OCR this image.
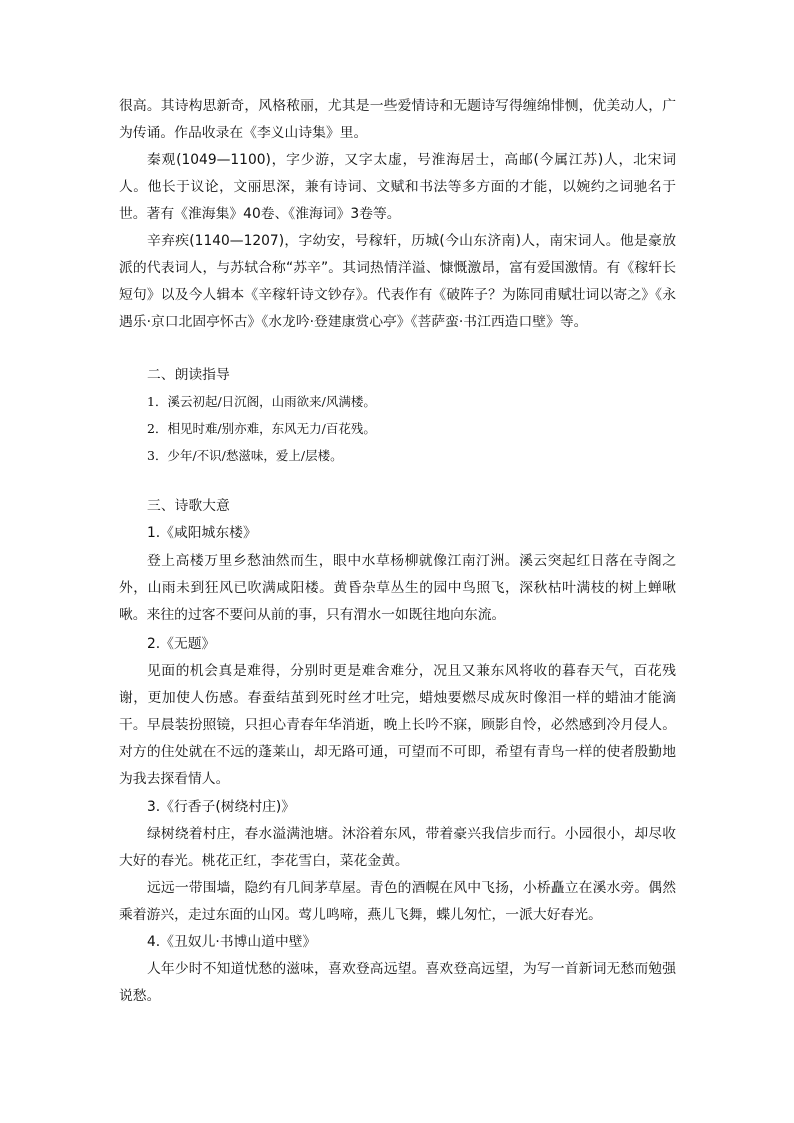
很高。其诗构思新奇，风格秾丽，尤其是一些爱情诗和无题诗写得缠绵悱恻，优美动人，广为传诵。作品收录在《李义山诗集》里。

秦观(1049—1100)，字少游，又字太虚，号淮海居士，高邮(今属江苏)人，北宋词人。他长于议论，文丽思深，兼有诗词、文赋和书法等多方面的才能，以婉约之词驰名于世。著有《淮海集》40卷、《淮海词》3卷等。

辛弃疾(1140—1207)，字幼安，号稼轩，历城(今山东济南)人，南宋词人。他是豪放派的代表词人，与苏轼合称“苏辛”。其词热情洋溢、慷慨激昂，富有爱国激情。有《稼轩长短句》以及今人辑本《辛稼轩诗文钞存》。代表作有《破阵子？为陈同甫赋壮词以寄之》《永遇乐·京口北固亭怀古》《水龙吟·登建康赏心亭》《菩萨蛮·书江西造口壁》等。

二、朗读指导

1．溪云初起/日沉阁，山雨欲来/风满楼。

2．相见时难/别亦难，东风无力/百花残。

3．少年/不识/愁滋味，爱上/层楼。

三、诗歌大意

1.《咸阳城东楼》

登上高楼万里乡愁油然而生，眼中水草杨柳就像江南汀洲。溪云突起红日落在寺阁之外，山雨未到狂风已吹满咸阳楼。黄昏杂草丛生的园中鸟照飞，深秋枯叶满枝的树上蝉啾啾。来往的过客不要问从前的事，只有渭水一如既往地向东流。

2.《无题》

见面的机会真是难得，分别时更是难舍难分，况且又兼东风将收的暮春天气，百花残谢，更加使人伤感。春蚕结茧到死时丝才吐完，蜡烛要燃尽成灰时像泪一样的蜡油才能滴干。早晨装扮照镜，只担心青春年华消逝，晚上长吟不寐，顾影自怜，必然感到冷月侵人。对方的住处就在不远的蓬莱山，却无路可通，可望而不可即，希望有青鸟一样的使者殷勤地为我去探看情人。

3.《行香子(树绕村庄)》

绿树绕着村庄，春水溢满池塘。沐浴着东风，带着豪兴我信步而行。小园很小，却尽收大好的春光。桃花正红，李花雪白，菜花金黄。

远远一带围墙，隐约有几间茅草屋。青色的酒幌在风中飞扬，小桥矗立在溪水旁。偶然乘着游兴，走过东面的山冈。莺儿鸣啼，燕儿飞舞，蝶儿匆忙，一派大好春光。

4.《丑奴儿·书博山道中壁》

人年少时不知道忧愁的滋味，喜欢登高远望。喜欢登高远望，为写一首新词无愁而勉强说愁。
